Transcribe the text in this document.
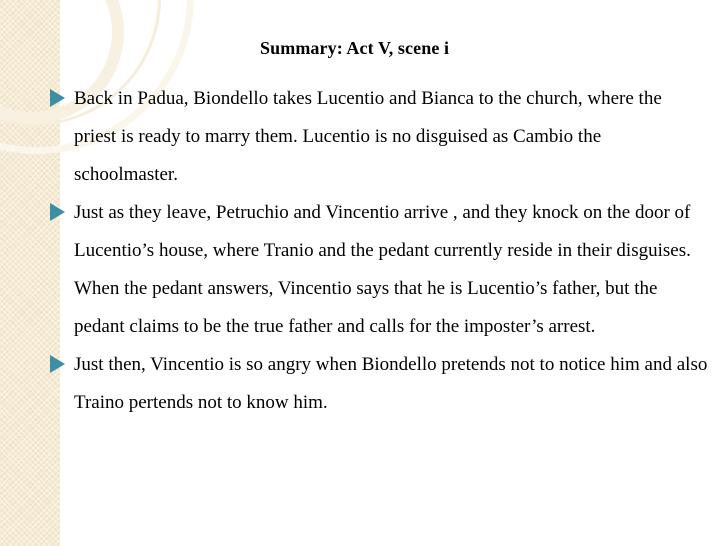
Summary: Act V, scene i
Back in Padua, Biondello takes Lucentio and Bianca to the church, where the priest is ready to marry them. Lucentio is no disguised as Cambio the schoolmaster.
Just as they leave, Petruchio and Vincentio arrive , and they knock on the door of Lucentio’s house, where Tranio and the pedant currently reside in their disguises. When the pedant answers, Vincentio says that he is Lucentio’s father, but the pedant claims to be the true father and calls for the imposter’s arrest.
Just then, Vincentio is so angry when Biondello pretends not to notice him and also Traino pertends not to know him.
